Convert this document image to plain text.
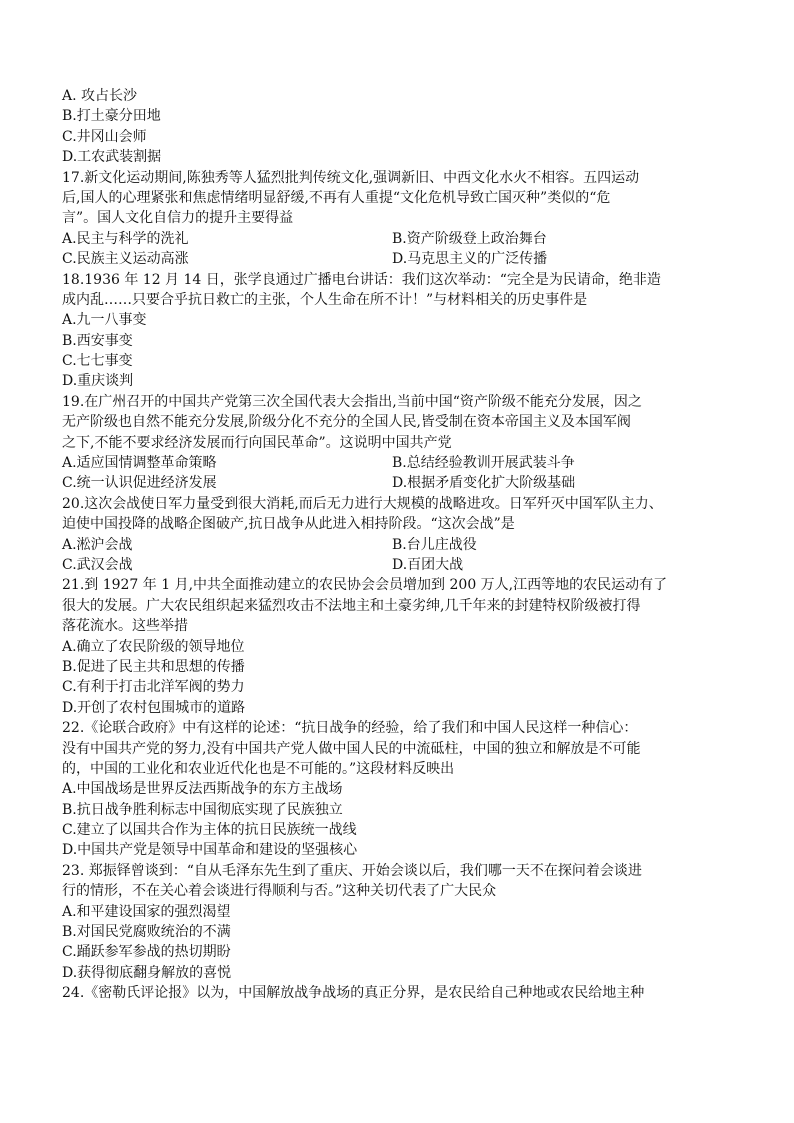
A. 攻占长沙
B.打土豪分田地
C.井冈山会师
D.工农武装割据
17.新文化运动期间,陈独秀等人猛烈批判传统文化,强调新旧、中西文化水火不相容。五四运动
后,国人的心理紧张和焦虑情绪明显舒缓,不再有人重提“文化危机导致亡国灭种”类似的“危
言”。国人文化自信力的提升主要得益
A.民主与科学的洗礼	B.资产阶级登上政治舞台
C.民族主义运动高涨	D.马克思主义的广泛传播
18.1936 年 12 月 14 日，张学良通过广播电台讲话：我们这次举动：“完全是为民请命，绝非造
成内乱……只要合乎抗日救亡的主张，个人生命在所不计！”与材料相关的历史事件是
A.九一八事变
B.西安事变
C.七七事变
D.重庆谈判
19.在广州召开的中国共产党第三次全国代表大会指出,当前中国“资产阶级不能充分发展，因之
无产阶级也自然不能充分发展,阶级分化不充分的全国人民,皆受制在资本帝国主义及本国军阀
之下,不能不要求经济发展而行向国民革命”。这说明中国共产党
A.适应国情调整革命策略	B.总结经验教训开展武装斗争
C.统一认识促进经济发展	D.根据矛盾变化扩大阶级基础
20.这次会战使日军力量受到很大消耗,而后无力进行大规模的战略进攻。日军歼灭中国军队主力、
迫使中国投降的战略企图破产,抗日战争从此进入相持阶段。“这次会战”是
A.淞沪会战	B.台儿庄战役
C.武汉会战	D.百团大战
21.到 1927 年 1 月,中共全面推动建立的农民协会会员增加到 200 万人,江西等地的农民运动有了
很大的发展。广大农民组织起来猛烈攻击不法地主和土豪劣绅,几千年来的封建特权阶级被打得
落花流水。这些举措
A.确立了农民阶级的领导地位
B.促进了民主共和思想的传播
C.有利于打击北洋军阀的势力
D.开创了农村包围城市的道路
22.《论联合政府》中有这样的论述：“抗日战争的经验，给了我们和中国人民这样一种信心：
没有中国共产党的努力,没有中国共产党人做中国人民的中流砥柱，中国的独立和解放是不可能
的，中国的工业化和农业近代化也是不可能的。”这段材料反映出
A.中国战场是世界反法西斯战争的东方主战场
B.抗日战争胜利标志中国彻底实现了民族独立
C.建立了以国共合作为主体的抗日民族统一战线
D.中国共产党是领导中国革命和建设的坚强核心
23. 郑振铎曾谈到：“自从毛泽东先生到了重庆、开始会谈以后，我们哪一天不在探问着会谈进
行的情形，不在关心着会谈进行得顺利与否。”这种关切代表了广大民众
A.和平建设国家的强烈渴望
B.对国民党腐败统治的不满
C.踊跃参军参战的热切期盼
D.获得彻底翻身解放的喜悦
24.《密勒氏评论报》以为，中国解放战争战场的真正分界，是农民给自己种地或农民给地主种
